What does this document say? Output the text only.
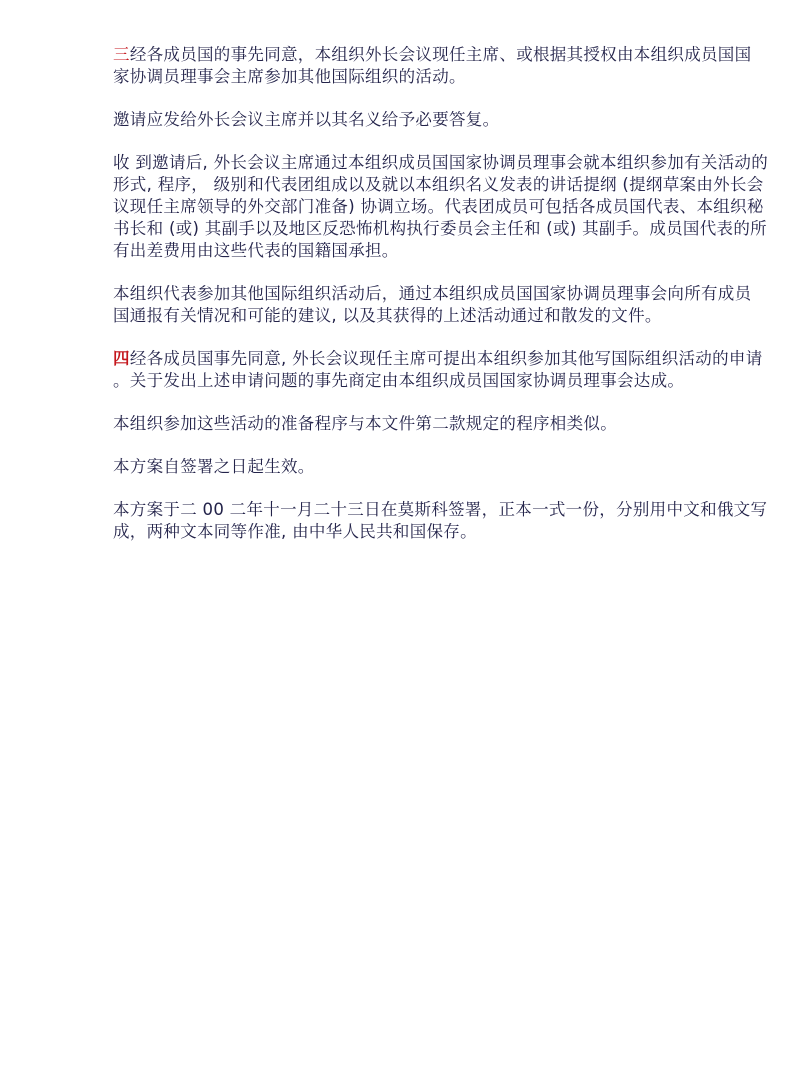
三经各成员国的事先同意，本组织外长会议现任主席、或根据其授权由本组织成员国国
家协调员理事会主席参加其他国际组织的活动。
邀请应发给外长会议主席并以其名义给予必要答复。
收 到邀请后, 外长会议主席通过本组织成员国国家协调员理事会就本组织参加有关活动的
形式, 程序， 级别和代表团组成以及就以本组织名义发表的讲话提纲 (提纲草案由外长会
议现任主席领导的外交部门准备) 协调立场。代表团成员可包括各成员国代表、本组织秘
书长和 (或) 其副手以及地区反恐怖机构执行委员会主任和 (或) 其副手。成员国代表的所
有出差费用由这些代表的国籍国承担。
本组织代表参加其他国际组织活动后，通过本组织成员国国家协调员理事会向所有成员
国通报有关情况和可能的建议, 以及其获得的上述活动通过和散发的文件。
四经各成员国事先同意, 外长会议现任主席可提出本组织参加其他写国际组织活动的申请
。关于发出上述申请问题的事先商定由本组织成员国国家协调员理事会达成。
本组织参加这些活动的准备程序与本文件第二款规定的程序相类似。
本方案自签署之日起生效。
本方案于二 00 二年十一月二十三日在莫斯科签署，正本一式一份，分别用中文和俄文写
成，两种文本同等作准, 由中华人民共和国保存。
